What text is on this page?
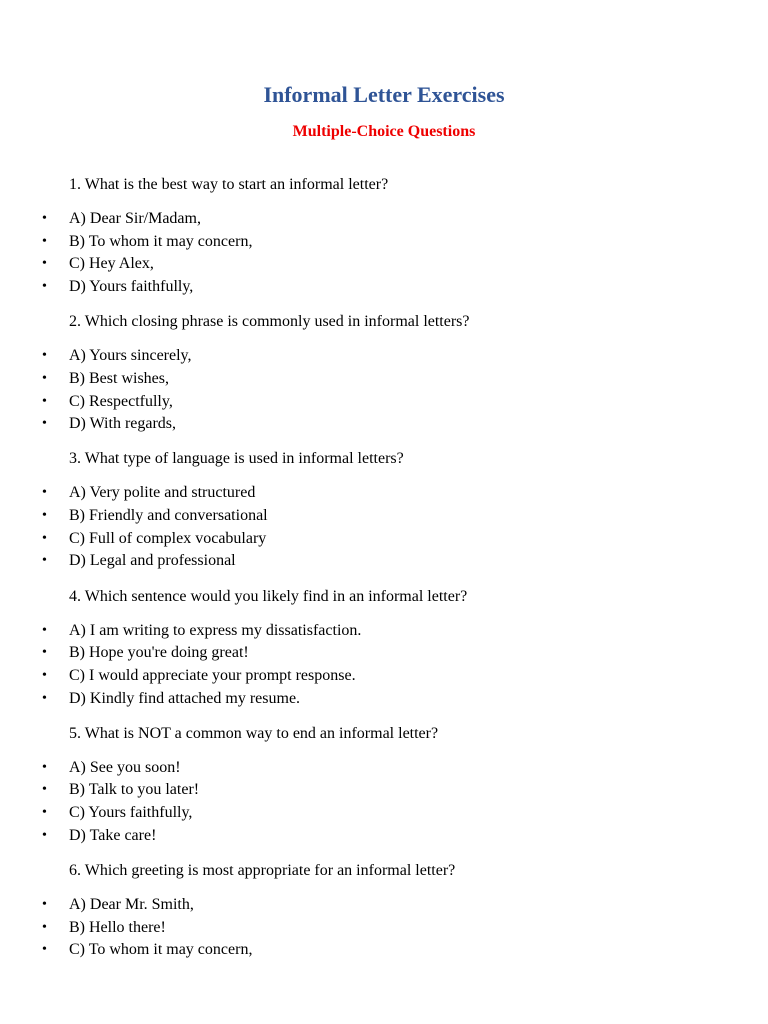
Informal Letter Exercises
Multiple-Choice Questions
1. What is the best way to start an informal letter?
• A) Dear Sir/Madam,
• B) To whom it may concern,
• C) Hey Alex,
• D) Yours faithfully,
2. Which closing phrase is commonly used in informal letters?
• A) Yours sincerely,
• B) Best wishes,
• C) Respectfully,
• D) With regards,
3. What type of language is used in informal letters?
• A) Very polite and structured
• B) Friendly and conversational
• C) Full of complex vocabulary
• D) Legal and professional
4. Which sentence would you likely find in an informal letter?
• A) I am writing to express my dissatisfaction.
• B) Hope you're doing great!
• C) I would appreciate your prompt response.
• D) Kindly find attached my resume.
5. What is NOT a common way to end an informal letter?
• A) See you soon!
• B) Talk to you later!
• C) Yours faithfully,
• D) Take care!
6. Which greeting is most appropriate for an informal letter?
• A) Dear Mr. Smith,
• B) Hello there!
• C) To whom it may concern,
